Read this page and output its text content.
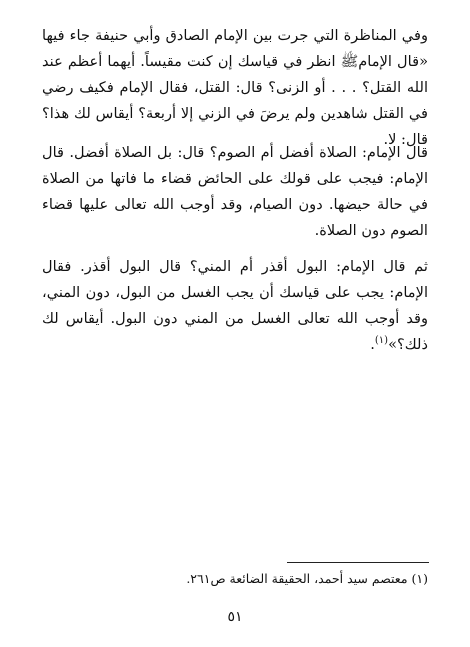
وفي المناظرة التي جرت بين الإمام الصادق وأبي حنيفة جاء فيها «قال الإمامﷺ انظر في قياسك إن كنت مقيساً. أيهما أعظم عند الله القتل؟ . . . أو الزنى؟ قال: القتل، فقال الإمام فكيف رضي في القتل شاهدين ولم يرضَ في الزني إلا أربعة؟ أيقاس لك هذا؟ قال: لا.

قال الإمام: الصلاة أفضل أم الصوم؟ قال: بل الصلاة أفضل. قال الإمام: فيجب على قولك على الحائض قضاء ما فاتها من الصلاة في حالة حيضها. دون الصيام، وقد أوجب الله تعالى عليها قضاء الصوم دون الصلاة.

ثم قال الإمام: البول أقذر أم المني؟ قال البول أقذر. فقال الإمام: يجب على قياسك أن يجب الغسل من البول، دون المني، وقد أوجب الله تعالى الغسل من المني دون البول. أيقاس لك ذلك؟»$^{(١)}$.

(١) معتصم سيد أحمد، الحقيقة الضائعة ص٢٦١.

٥١
